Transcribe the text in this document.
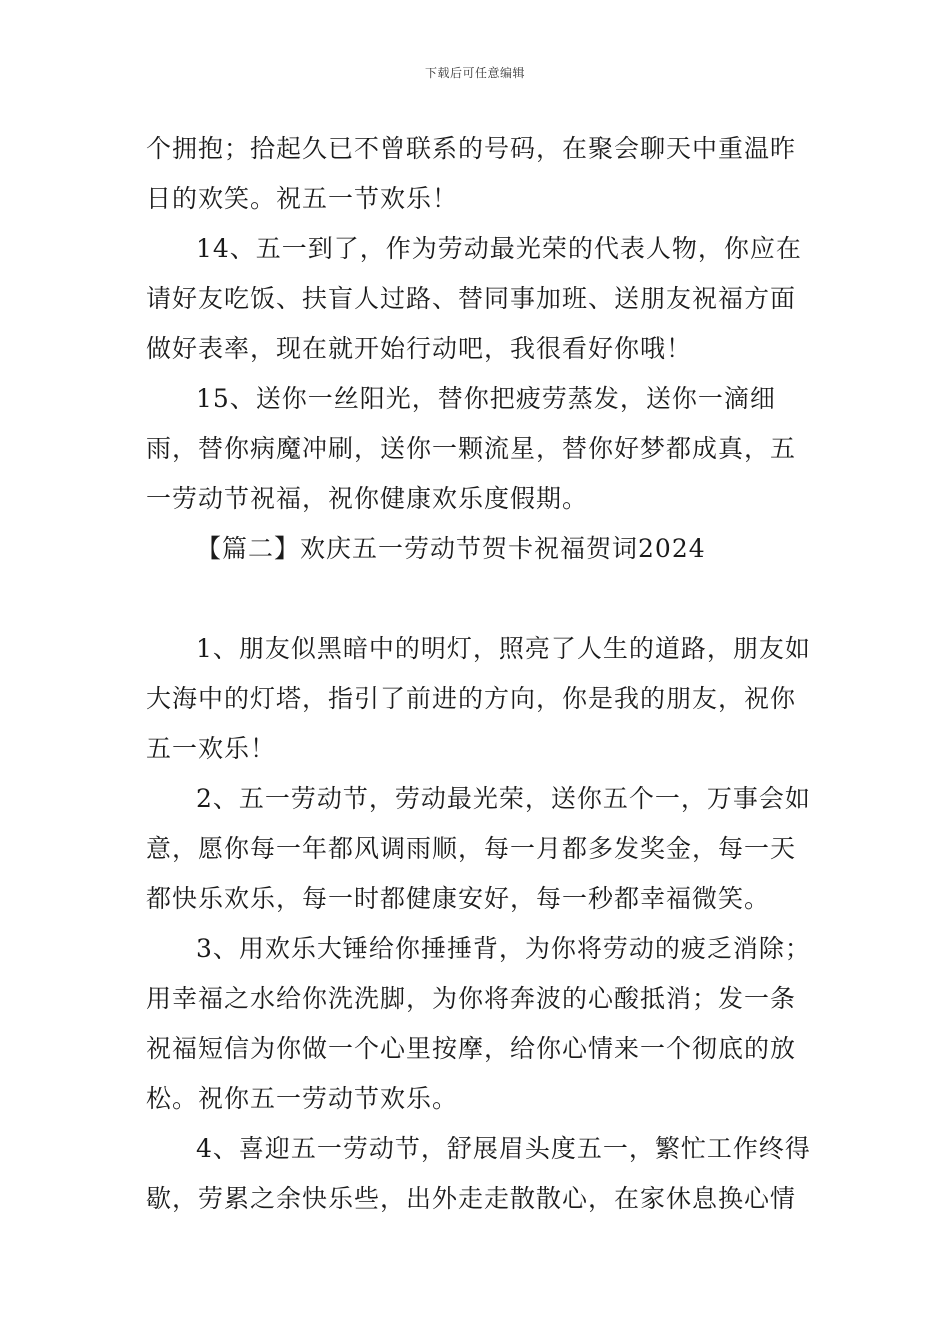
下载后可任意编辑

个拥抱；拾起久已不曾联系的号码，在聚会聊天中重温昨日的欢笑。祝五一节欢乐！

14、五一到了，作为劳动最光荣的代表人物，你应在请好友吃饭、扶盲人过路、替同事加班、送朋友祝福方面做好表率，现在就开始行动吧，我很看好你哦！

15、送你一丝阳光，替你把疲劳蒸发，送你一滴细雨，替你病魔冲刷，送你一颗流星，替你好梦都成真，五一劳动节祝福，祝你健康欢乐度假期。

【篇二】欢庆五一劳动节贺卡祝福贺词2024

1、朋友似黑暗中的明灯，照亮了人生的道路，朋友如大海中的灯塔，指引了前进的方向，你是我的朋友，祝你五一欢乐！

2、五一劳动节，劳动最光荣，送你五个一，万事会如意，愿你每一年都风调雨顺，每一月都多发奖金，每一天都快乐欢乐，每一时都健康安好，每一秒都幸福微笑。

3、用欢乐大锤给你捶捶背，为你将劳动的疲乏消除；用幸福之水给你洗洗脚，为你将奔波的心酸抵消；发一条祝福短信为你做一个心里按摩，给你心情来一个彻底的放松。祝你五一劳动节欢乐。

4、喜迎五一劳动节，舒展眉头度五一，繁忙工作终得歇，劳累之余快乐些，出外走走散散心，在家休息换心情
